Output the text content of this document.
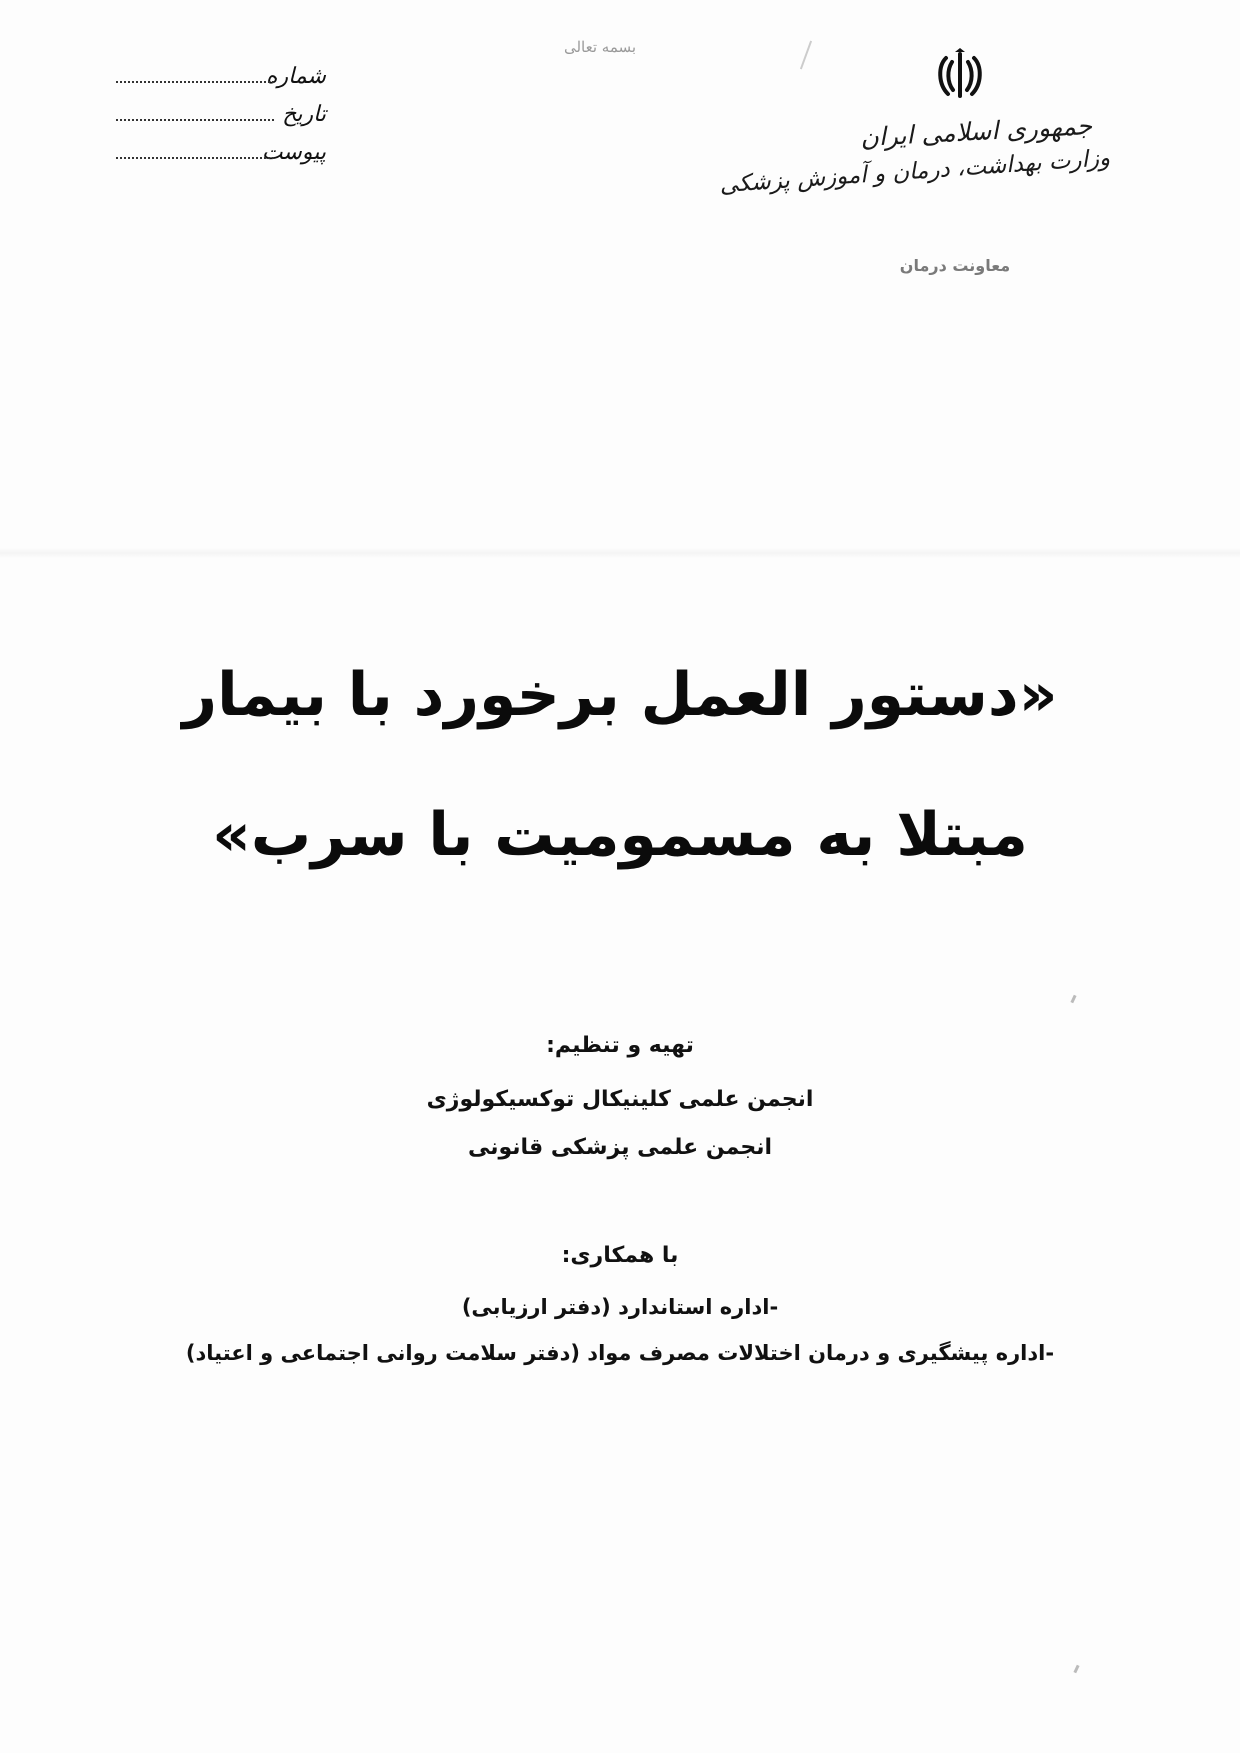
بسمه تعالی

جمهوری اسلامی ایران

وزارت بهداشت، درمان و آموزش پزشکی

معاونت درمان
شماره
تاریخ
پیوست
«دستور العمل برخورد با بیمار
مبتلا به مسمومیت با سرب»

تهیه و تنظیم:

انجمن علمی کلینیکال توکسیکولوژی

انجمن علمی پزشکی قانونی

با همکاری:

-اداره استاندارد (دفتر ارزیابی)

-اداره پیشگیری و درمان اختلالات مصرف مواد (دفتر سلامت روانی اجتماعی و اعتیاد)
